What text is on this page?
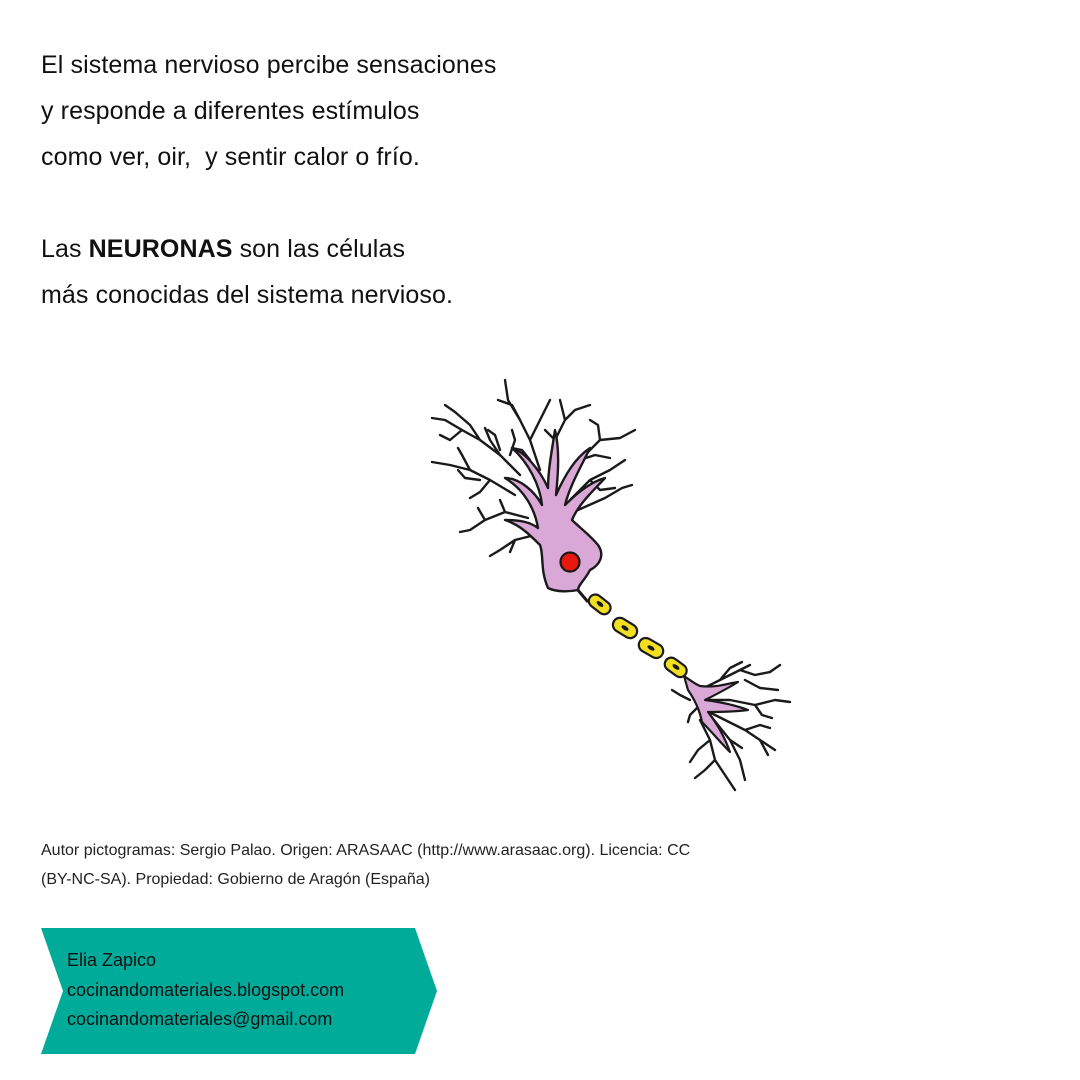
El sistema nervioso percibe sensaciones

y responde a diferentes estímulos

como ver, oir,  y sentir calor o frío.

Las NEURONAS son las células

más conocidas del sistema nervioso.

Autor pictogramas: Sergio Palao. Origen: ARASAAC (http://www.arasaac.org). Licencia: CC

(BY-NC-SA). Propiedad: Gobierno de Aragón (España)

Elia Zapico
cocinandomateriales.blogspot.com
cocinandomateriales@gmail.com
